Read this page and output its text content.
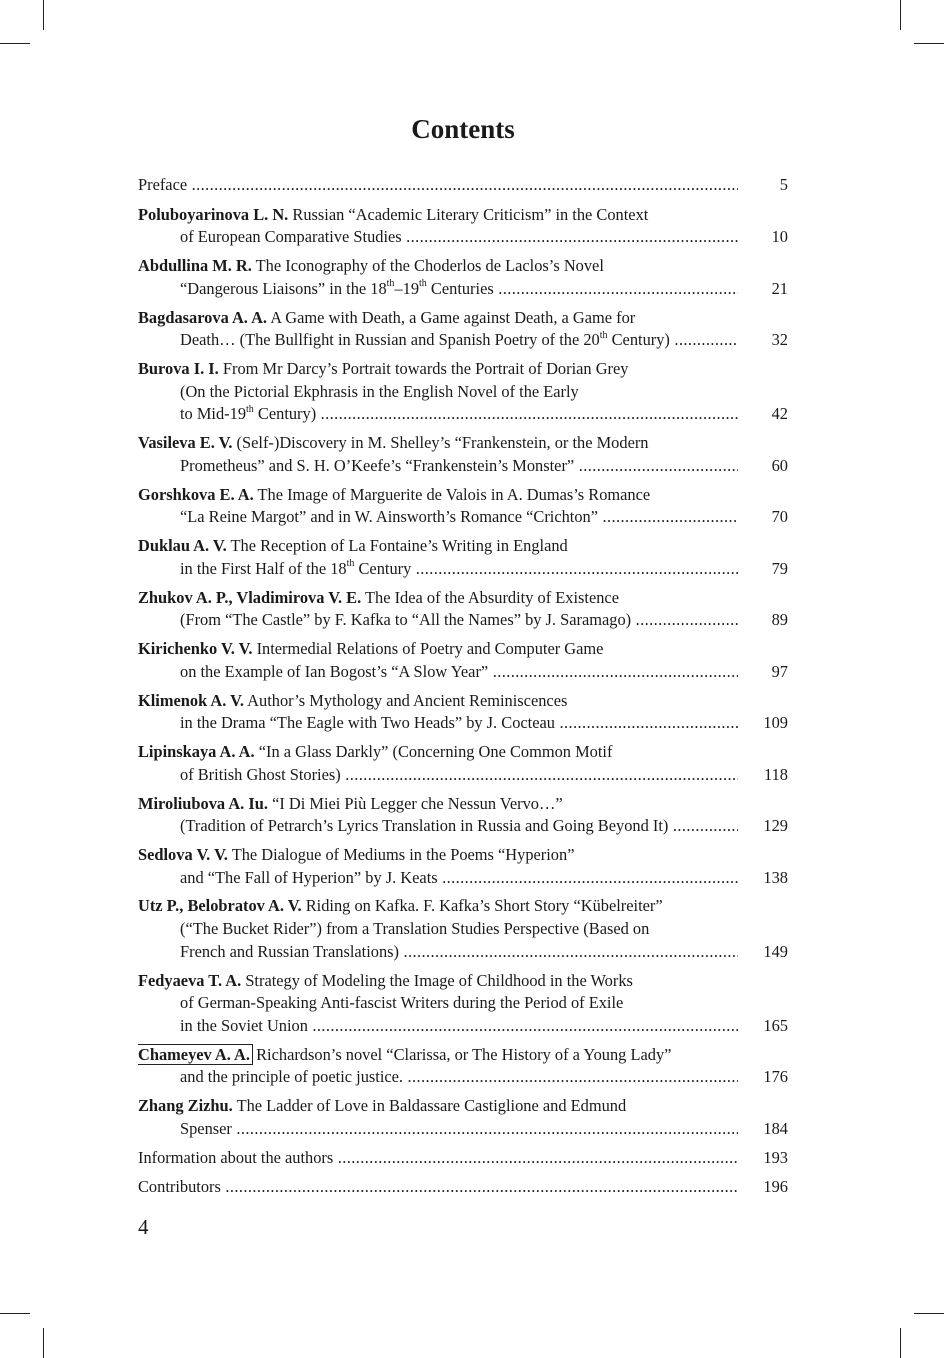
Contents
Preface .....	5
Poluboyarinova L. N. Russian “Academic Literary Criticism” in the Context
of European Comparative Studies .....	10
Abdullina M. R. The Iconography of the Choderlos de Laclos’s Novel
“Dangerous Liaisons” in the 18th–19th Centuries .....	21
Bagdasarova A. A. A Game with Death, a Game against Death, a Game for
Death… (The Bullfight in Russian and Spanish Poetry of the 20th Century) .....	32
Burova I. I. From Mr Darcy’s Portrait towards the Portrait of Dorian Grey
(On the Pictorial Ekphrasis in the English Novel of the Early
to Mid-19th Century) .....	42
Vasileva E. V. (Self-)Discovery in M. Shelley’s “Frankenstein, or the Modern
Prometheus” and S. H. O’Keefe’s “Frankenstein’s Monster” .....	60
Gorshkova E. A. The Image of Marguerite de Valois in A. Dumas’s Romance
“La Reine Margot” and in W. Ainsworth’s Romance “Crichton” .....	70
Duklau A. V. The Reception of La Fontaine’s Writing in England
in the First Half of the 18th Century .....	79
Zhukov A. P., Vladimirova V. E. The Idea of the Absurdity of Existence
(From “The Castle” by F. Kafka to “All the Names” by J. Saramago) .....	89
Kirichenko V. V. Intermedial Relations of Poetry and Computer Game
on the Example of Ian Bogost’s “A Slow Year” .....	97
Klimenok A. V. Author’s Mythology and Ancient Reminiscences
in the Drama “The Eagle with Two Heads” by J. Cocteau .....	109
Lipinskaya A. A. “In a Glass Darkly” (Concerning One Common Motif
of British Ghost Stories) .....	118
Miroliubova A. Iu. “I Di Miei Più Legger che Nessun Vervo…”
(Tradition of Petrarch’s Lyrics Translation in Russia and Going Beyond It) .....	129
Sedlova V. V. The Dialogue of Mediums in the Poems “Hyperion”
and “The Fall of Hyperion” by J. Keats .....	138
Utz P., Belobratov A. V. Riding on Kafka. F. Kafka’s Short Story “Kübelreiter”
(“The Bucket Rider”) from a Translation Studies Perspective (Based on
French and Russian Translations) .....	149
Fedyaeva T. A. Strategy of Modeling the Image of Childhood in the Works
of German-Speaking Anti-fascist Writers during the Period of Exile
in the Soviet Union .....	165
Chameyev A. A. Richardson’s novel “Clarissa, or The History of a Young Lady”
and the principle of poetic justice. .....	176
Zhang Zizhu. The Ladder of Love in Baldassare Castiglione and Edmund
Spenser .....	184
Information about the authors .....	193
Contributors .....	196
4
